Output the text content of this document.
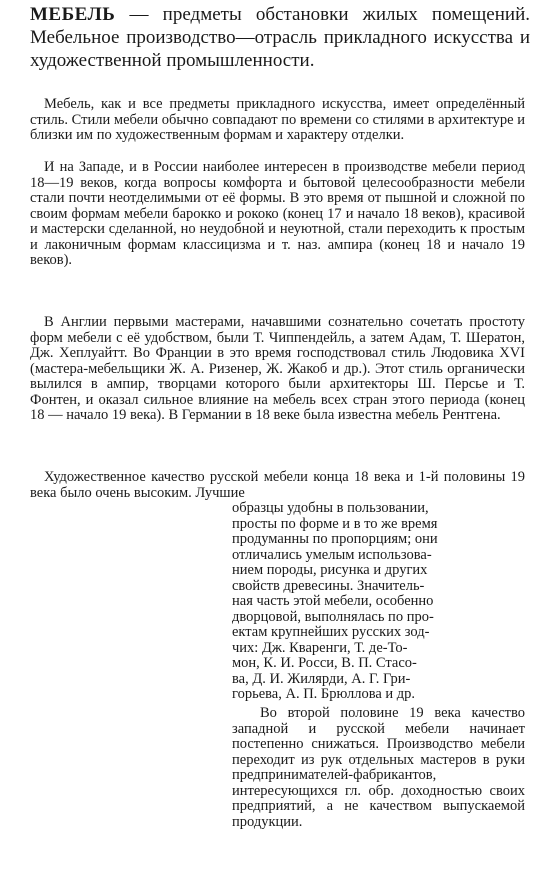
МЕБЕЛЬ — предметы обстановки жилых помещений. Мебельное производство—отрасль прикладного искусства и художественной промышленности.

Мебель, как и все предметы прикладного искусства, имеет определённый стиль. Стили мебели обычно совпадают по времени со стилями в архитектуре и близки им по художественным формам и характеру отделки.

И на Западе, и в России наиболее интересен в производстве мебели период 18—19 веков, когда вопросы комфорта и бытовой целесообразности мебели стали почти неотделимыми от её формы. В это время от пышной и сложной по своим формам мебели барокко и рококо (конец 17 и начало 18 веков), красивой и мастерски сделанной, но неудобной и неуютной, стали переходить к простым и лаконичным формам классицизма и т. наз. ампира (конец 18 и начало 19 веков).

В Англии первыми мастерами, начавшими сознательно сочетать простоту форм мебели с её удобством, были Т. Чиппендейль, а затем Адам, Т. Шератон, Дж. Хеплуайтт. Во Франции в это время господствовал стиль Людовика XVI (мастера-мебельщики Ж. А. Ризенер, Ж. Жакоб и др.). Этот стиль органически вылился в ампир, творцами которого были архитекторы Ш. Персье и Т. Фонтен, и оказал сильное влияние на мебель всех стран этого периода (конец 18 — начало 19 века). В Германии в 18 веке была известна мебель Рентгена.

Художественное качество русской мебели конца 18 века и 1-й половины 19 века было очень высоким. Лучшие

образцы удобны в пользовании,
просты по форме и в то же время
продуманны по пропорциям; они
отличались умелым использова-
нием породы, рисунка и других
свойств древесины. Значитель-
ная часть этой мебели, особенно
дворцовой, выполнялась по про-
ектам крупнейших русских зод-
чих: Дж. Кваренги, Т. де-То-
мон, К. И. Росси, В. П. Стасо-
ва, Д. И. Жилярди, А. Г. Гри-
горьева, А. П. Брюллова и др.

Во второй половине 19 века качество западной и русской мебели начинает постепенно снижаться. Производство мебели переходит из рук отдельных мастеров в руки предпринимателей-фабрикантов, интересующихся гл. обр. доходностью своих предприятий, а не качеством выпускаемой продукции.
